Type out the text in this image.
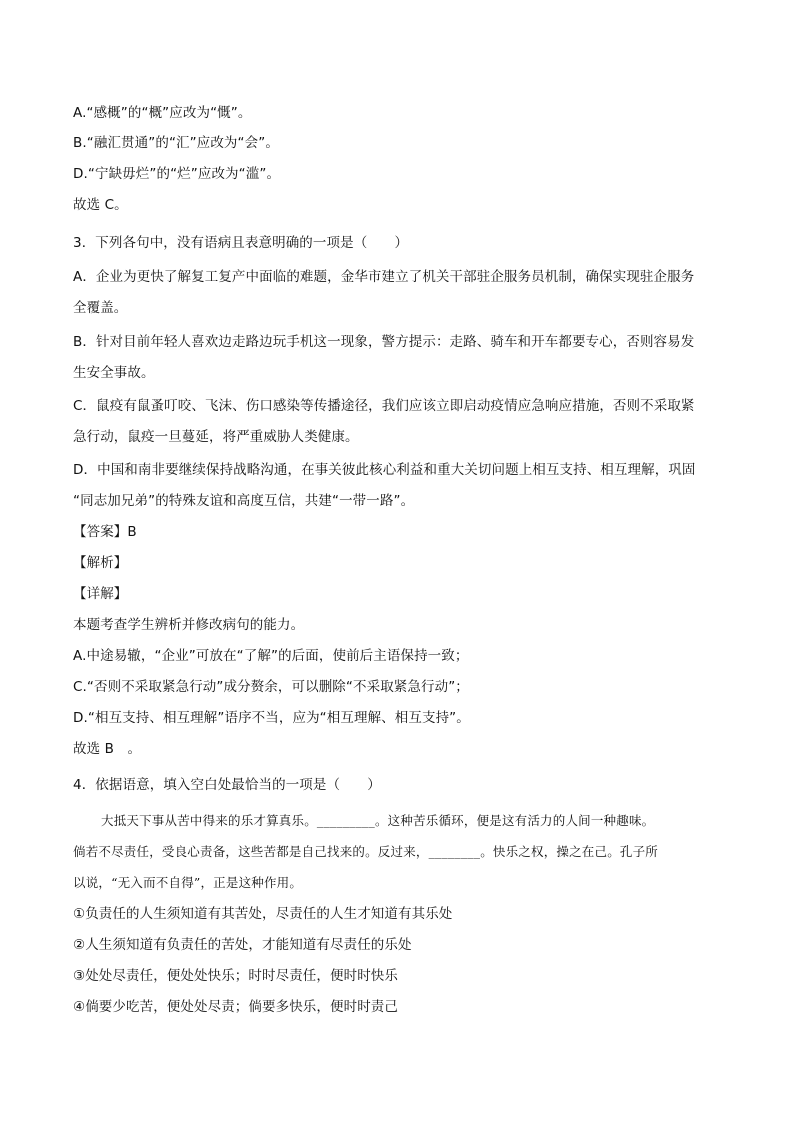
A.“感概”的“概”应改为“慨”。
B.“融汇贯通”的“汇”应改为“会”。
D.“宁缺毋烂”的“烂”应改为“滥”。
故选 C。
3．下列各句中，没有语病且表意明确的一项是（　　）
A．企业为更快了解复工复产中面临的难题，金华市建立了机关干部驻企服务员机制，确保实现驻企服务
全覆盖。
B．针对目前年轻人喜欢边走路边玩手机这一现象，警方提示：走路、骑车和开车都要专心，否则容易发
生安全事故。
C．鼠疫有鼠蚤叮咬、飞沫、伤口感染等传播途径，我们应该立即启动疫情应急响应措施，否则不采取紧
急行动，鼠疫一旦蔓延，将严重威胁人类健康。
D．中国和南非要继续保持战略沟通，在事关彼此核心利益和重大关切问题上相互支持、相互理解，巩固
“同志加兄弟”的特殊友谊和高度互信，共建“一带一路”。
【答案】B
【解析】
【详解】
本题考查学生辨析并修改病句的能力。
A.中途易辙，“企业”可放在“了解”的后面，使前后主语保持一致；
C.“否则不采取紧急行动”成分赘余，可以删除“不采取紧急行动”；
D.“相互支持、相互理解”语序不当，应为“相互理解、相互支持”。
故选 B　。
4．依据语意，填入空白处最恰当的一项是（　　）
大抵天下事从苦中得来的乐才算真乐。_________。这种苦乐循环，便是这有活力的人间一种趣味。
倘若不尽责任，受良心责备，这些苦都是自己找来的。反过来，________。快乐之权，操之在己。孔子所
以说，“无入而不自得”，正是这种作用。
①负责任的人生须知道有其苦处，尽责任的人生才知道有其乐处
②人生须知道有负责任的苦处，才能知道有尽责任的乐处
③处处尽责任，便处处快乐；时时尽责任，便时时快乐
④倘要少吃苦，便处处尽责；倘要多快乐，便时时责己
